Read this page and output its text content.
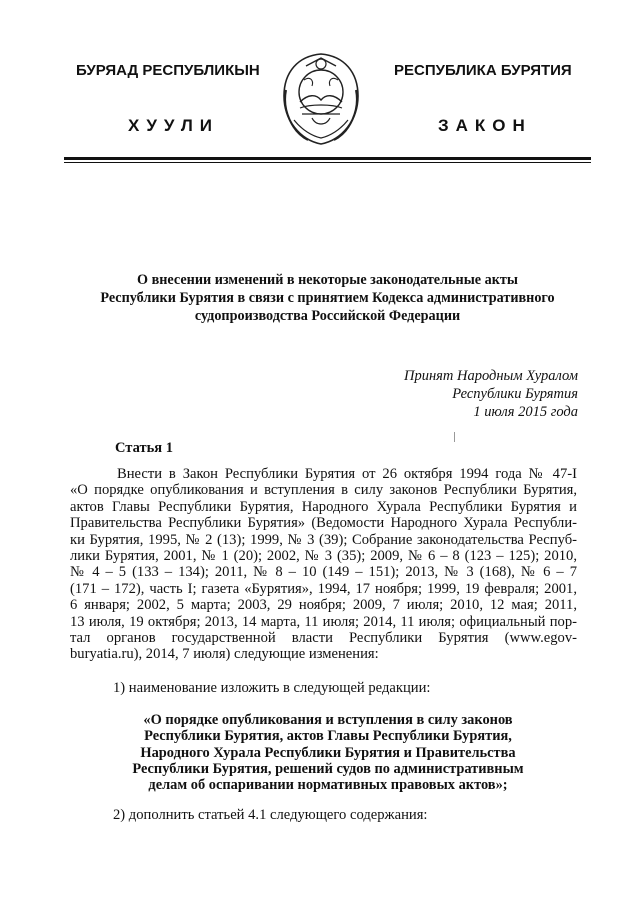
БУРЯАД РЕСПУБЛИКЫН	РЕСПУБЛИКА БУРЯТИЯ
ХУУЛИ	ЗАКОН
О внесении изменений в некоторые законодательные акты
Республики Бурятия в связи с принятием Кодекса административного
судопроизводства Российской Федерации
Принят Народным Хуралом
Республики Бурятия
1 июля 2015 года
Статья 1
Внести в Закон Республики Бурятия от 26 октября 1994 года № 47-I
«О порядке опубликования и вступления в силу законов Республики Бурятия,
актов Главы Республики Бурятия, Народного Хурала Республики Бурятия и
Правительства Республики Бурятия» (Ведомости Народного Хурала Республи-
ки Бурятия, 1995, № 2 (13); 1999, № 3 (39); Собрание законодательства Респуб-
лики Бурятия, 2001, № 1 (20); 2002, № 3 (35); 2009, № 6 – 8 (123 – 125); 2010,
№ 4 – 5 (133 – 134); 2011, № 8 – 10 (149 – 151); 2013, № 3 (168), № 6 – 7
(171 – 172), часть I; газета «Бурятия», 1994, 17 ноября; 1999, 19 февраля; 2001,
6 января; 2002, 5 марта; 2003, 29 ноября; 2009, 7 июля; 2010, 12 мая; 2011,
13 июля, 19 октября; 2013, 14 марта, 11 июля; 2014, 11 июля; официальный пор-
тал органов государственной власти Республики Бурятия (www.egov-
buryatia.ru), 2014, 7 июля) следующие изменения:
1) наименование изложить в следующей редакции:
«О порядке опубликования и вступления в силу законов
Республики Бурятия, актов Главы Республики Бурятия,
Народного Хурала Республики Бурятия и Правительства
Республики Бурятия, решений судов по административным
делам об оспаривании нормативных правовых актов»;
2) дополнить статьей 4.1 следующего содержания:
